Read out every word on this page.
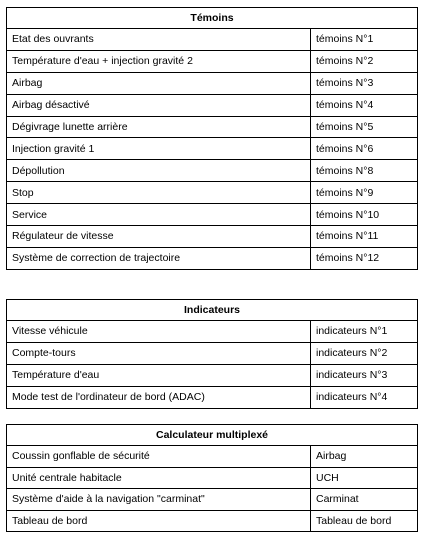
Témoins	
Etat des ouvrants	témoins N°1
Température d'eau + injection gravité 2	témoins N°2
Airbag	témoins N°3
Airbag désactivé	témoins N°4
Dégivrage lunette arrière	témoins N°5
Injection gravité 1	témoins N°6
Dépollution	témoins N°8
Stop	témoins N°9
Service	témoins N°10
Régulateur de vitesse	témoins N°11
Système de correction de trajectoire	témoins N°12
Indicateurs	
Vitesse véhicule	indicateurs N°1
Compte-tours	indicateurs N°2
Température d'eau	indicateurs N°3
Mode test de l'ordinateur de bord (ADAC)	indicateurs N°4
Calculateur multiplexé	
Coussin gonflable de sécurité	Airbag
Unité centrale habitacle	UCH
Système d'aide à la navigation "carminat"	Carminat
Tableau de bord	Tableau de bord
